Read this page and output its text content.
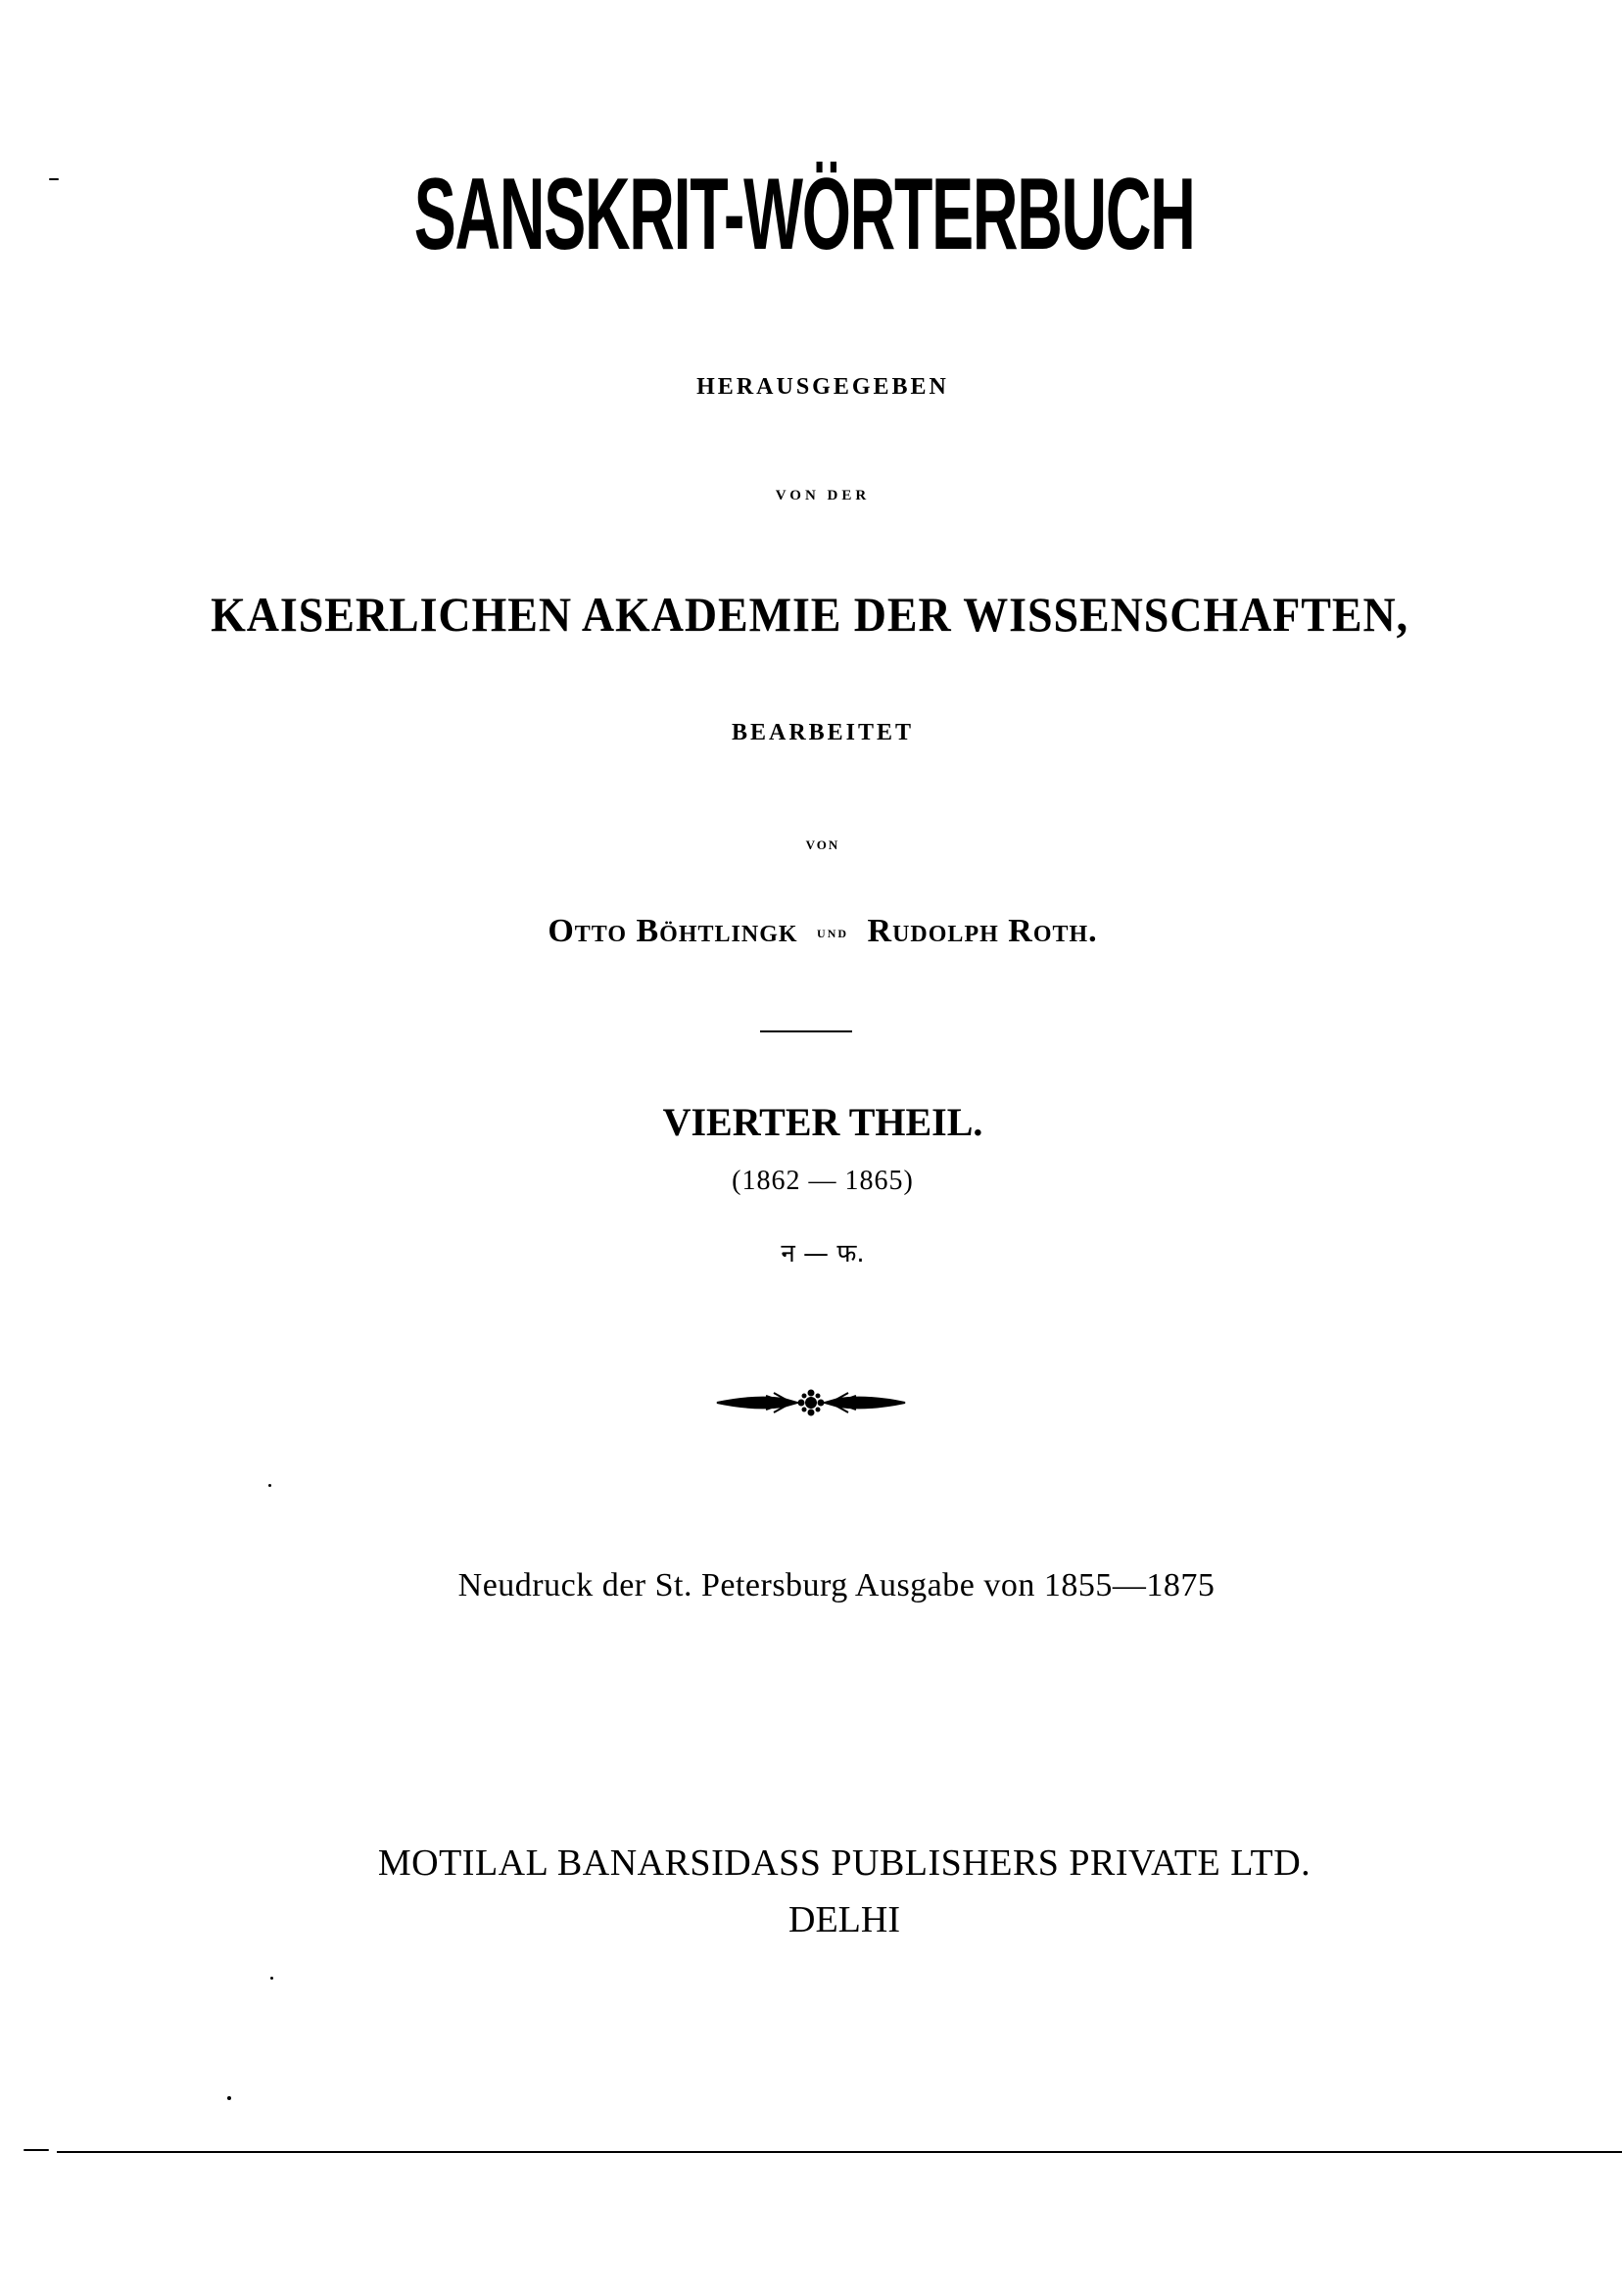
SANSKRIT-WÖRTERBUCH
HERAUSGEGEBEN
VON DER
KAISERLICHEN AKADEMIE DER WISSENSCHAFTEN,
BEARBEITET
VON
Otto Böhtlingk UND Rudolph Roth.
VIERTER THEIL.
(1862 — 1865)
न — फ.
Neudruck der St. Petersburg Ausgabe von 1855—1875
MOTILAL BANARSIDASS PUBLISHERS PRIVATE LTD.
DELHI
